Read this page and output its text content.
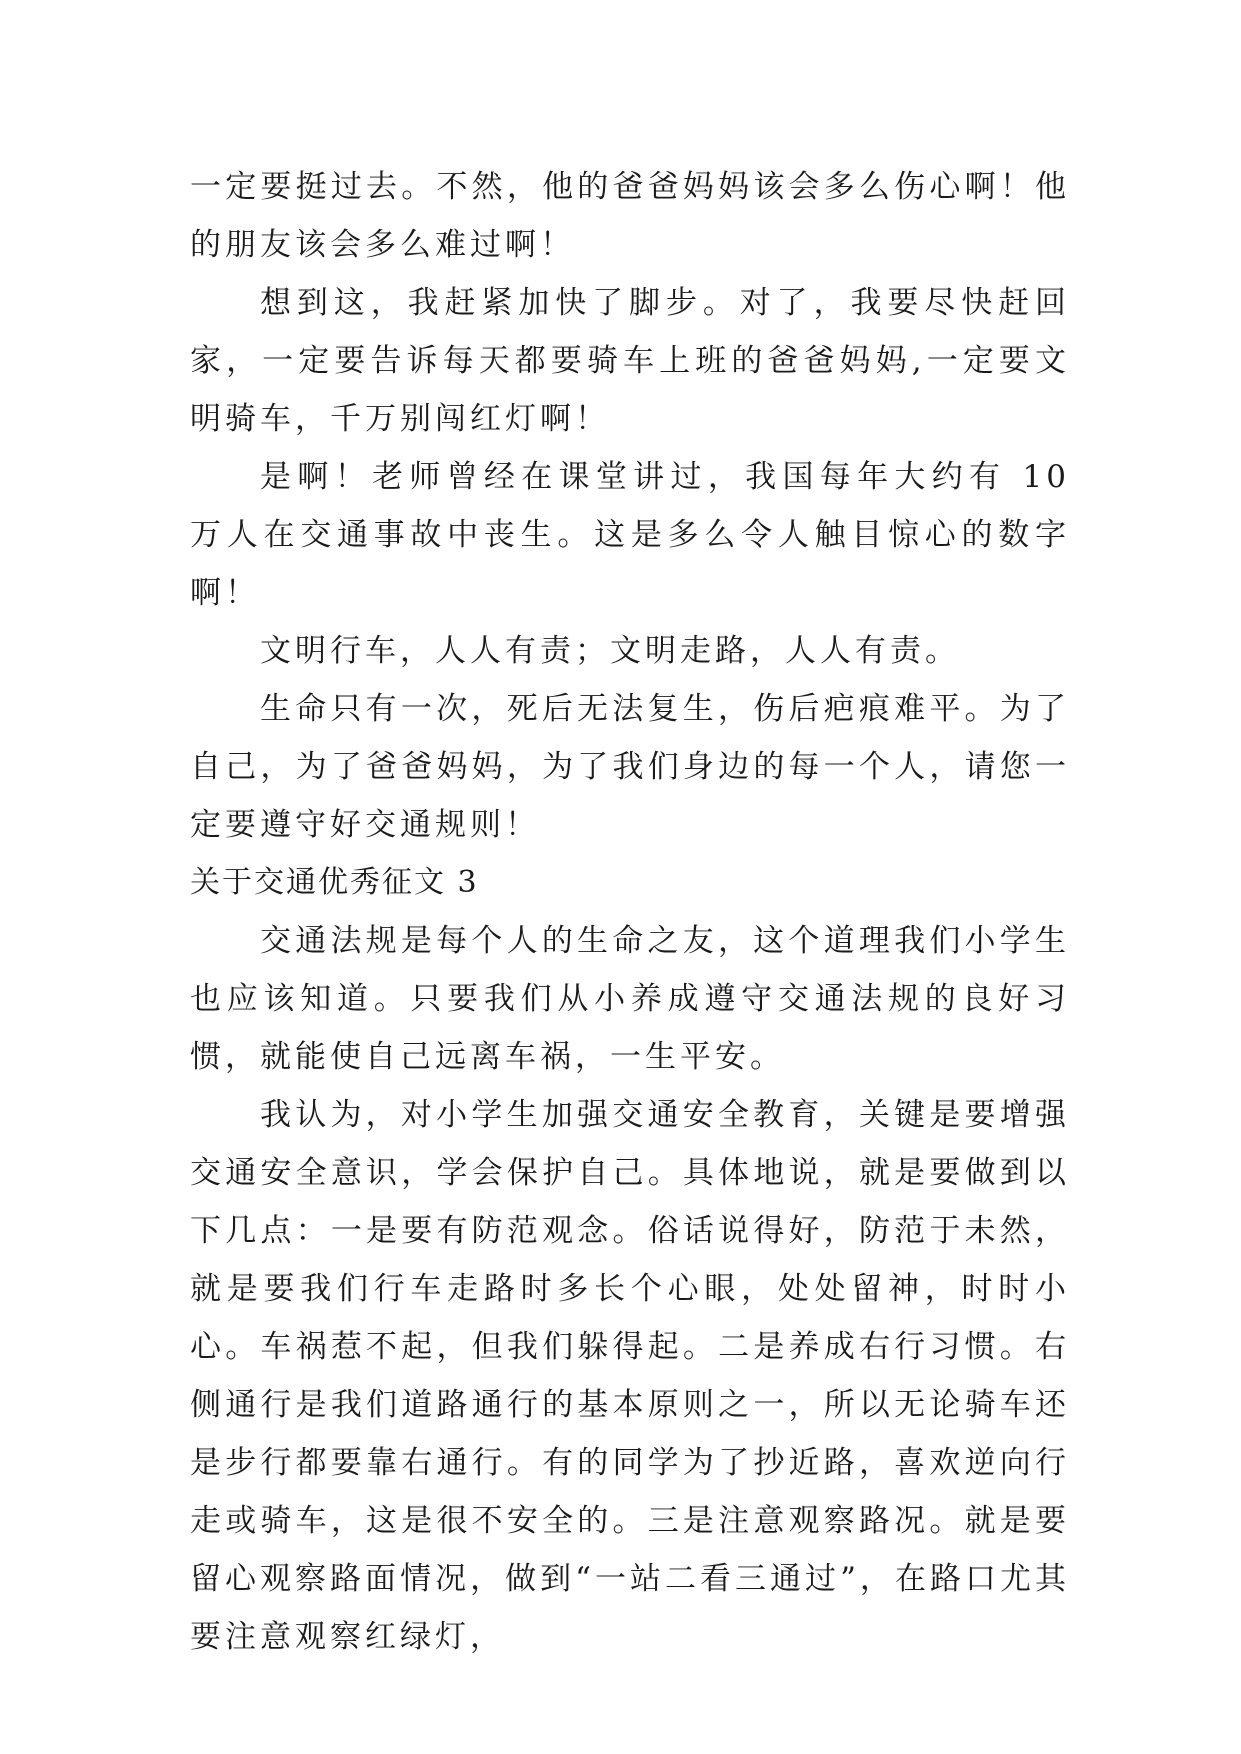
一定要挺过去。不然，他的爸爸妈妈该会多么伤心啊！他的朋友该会多么难过啊！

想到这，我赶紧加快了脚步。对了，我要尽快赶回家，一定要告诉每天都要骑车上班的爸爸妈妈,一定要文明骑车，千万别闯红灯啊！

是啊！老师曾经在课堂讲过，我国每年大约有 10 万人在交通事故中丧生。这是多么令人触目惊心的数字啊！

文明行车，人人有责；文明走路，人人有责。

生命只有一次，死后无法复生，伤后疤痕难平。为了自己，为了爸爸妈妈，为了我们身边的每一个人，请您一定要遵守好交通规则！

关于交通优秀征文 3

交通法规是每个人的生命之友，这个道理我们小学生也应该知道。只要我们从小养成遵守交通法规的良好习惯，就能使自己远离车祸，一生平安。

我认为，对小学生加强交通安全教育，关键是要增强交通安全意识，学会保护自己。具体地说，就是要做到以下几点：一是要有防范观念。俗话说得好，防范于未然，就是要我们行车走路时多长个心眼，处处留神，时时小心。车祸惹不起，但我们躲得起。二是养成右行习惯。右侧通行是我们道路通行的基本原则之一，所以无论骑车还是步行都要靠右通行。有的同学为了抄近路，喜欢逆向行走或骑车，这是很不安全的。三是注意观察路况。就是要留心观察路面情况，做到“一站二看三通过”，在路口尤其要注意观察红绿灯，
